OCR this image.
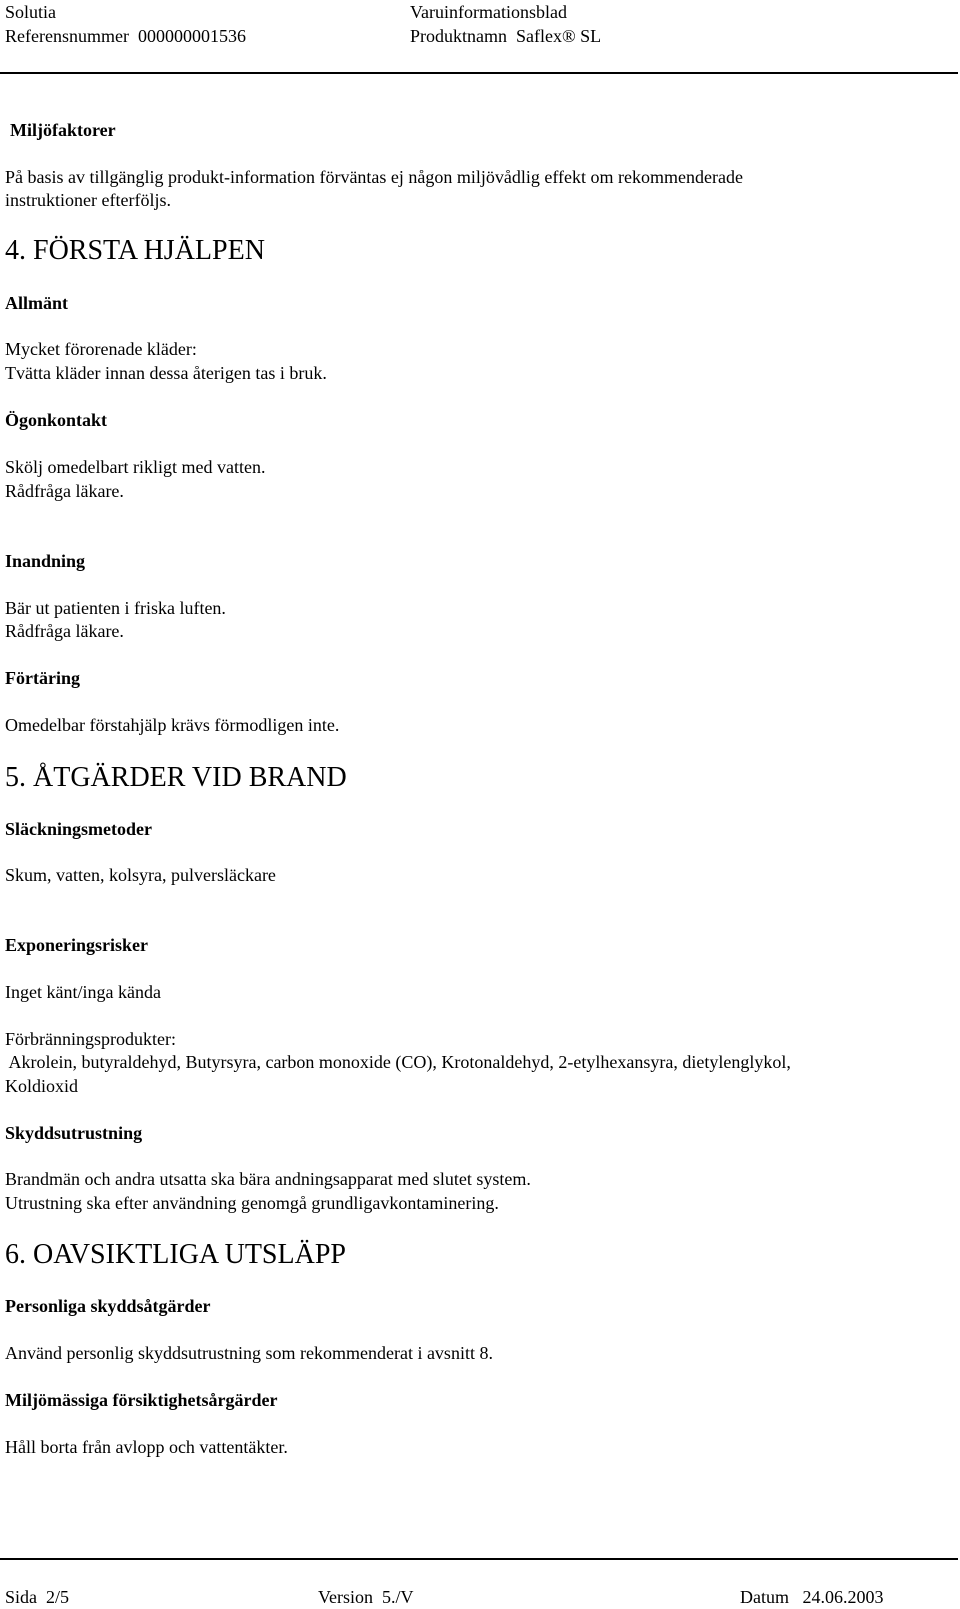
Solutia
Referensnummer 000000001536
Varuinformationsblad
Produktnamn Saflex® SL
Miljöfaktorer
På basis av tillgänglig produkt-information förväntas ej någon miljövådlig effekt om rekommenderade
instruktioner efterföljs.
4. FÖRSTA HJÄLPEN
Allmänt
Mycket förorenade kläder:
Tvätta kläder innan dessa återigen tas i bruk.
Ögonkontakt
Skölj omedelbart rikligt med vatten.
Rådfråga läkare.
Inandning
Bär ut patienten i friska luften.
Rådfråga läkare.
Förtäring
Omedelbar förstahjälp krävs förmodligen inte.
5. ÅTGÄRDER VID BRAND
Släckningsmetoder
Skum, vatten, kolsyra, pulversläckare
Exponeringsrisker
Inget känt/inga kända
Förbränningsprodukter:
Akrolein, butyraldehyd, Butyrsyra, carbon monoxide (CO), Krotonaldehyd, 2-etylhexansyra, dietylenglykol,
Koldioxid
Skyddsutrustning
Brandmän och andra utsatta ska bära andningsapparat med slutet system.
Utrustning ska efter användning genomgå grundligavkontaminering.
6. OAVSIKTLIGA UTSLÄPP
Personliga skyddsåtgärder
Använd personlig skyddsutrustning som rekommenderat i avsnitt 8.
Miljömässiga försiktighetsårgärder
Håll borta från avlopp och vattentäkter.
Sida  2/5	Version  5./V	Datum 24.06.2003
